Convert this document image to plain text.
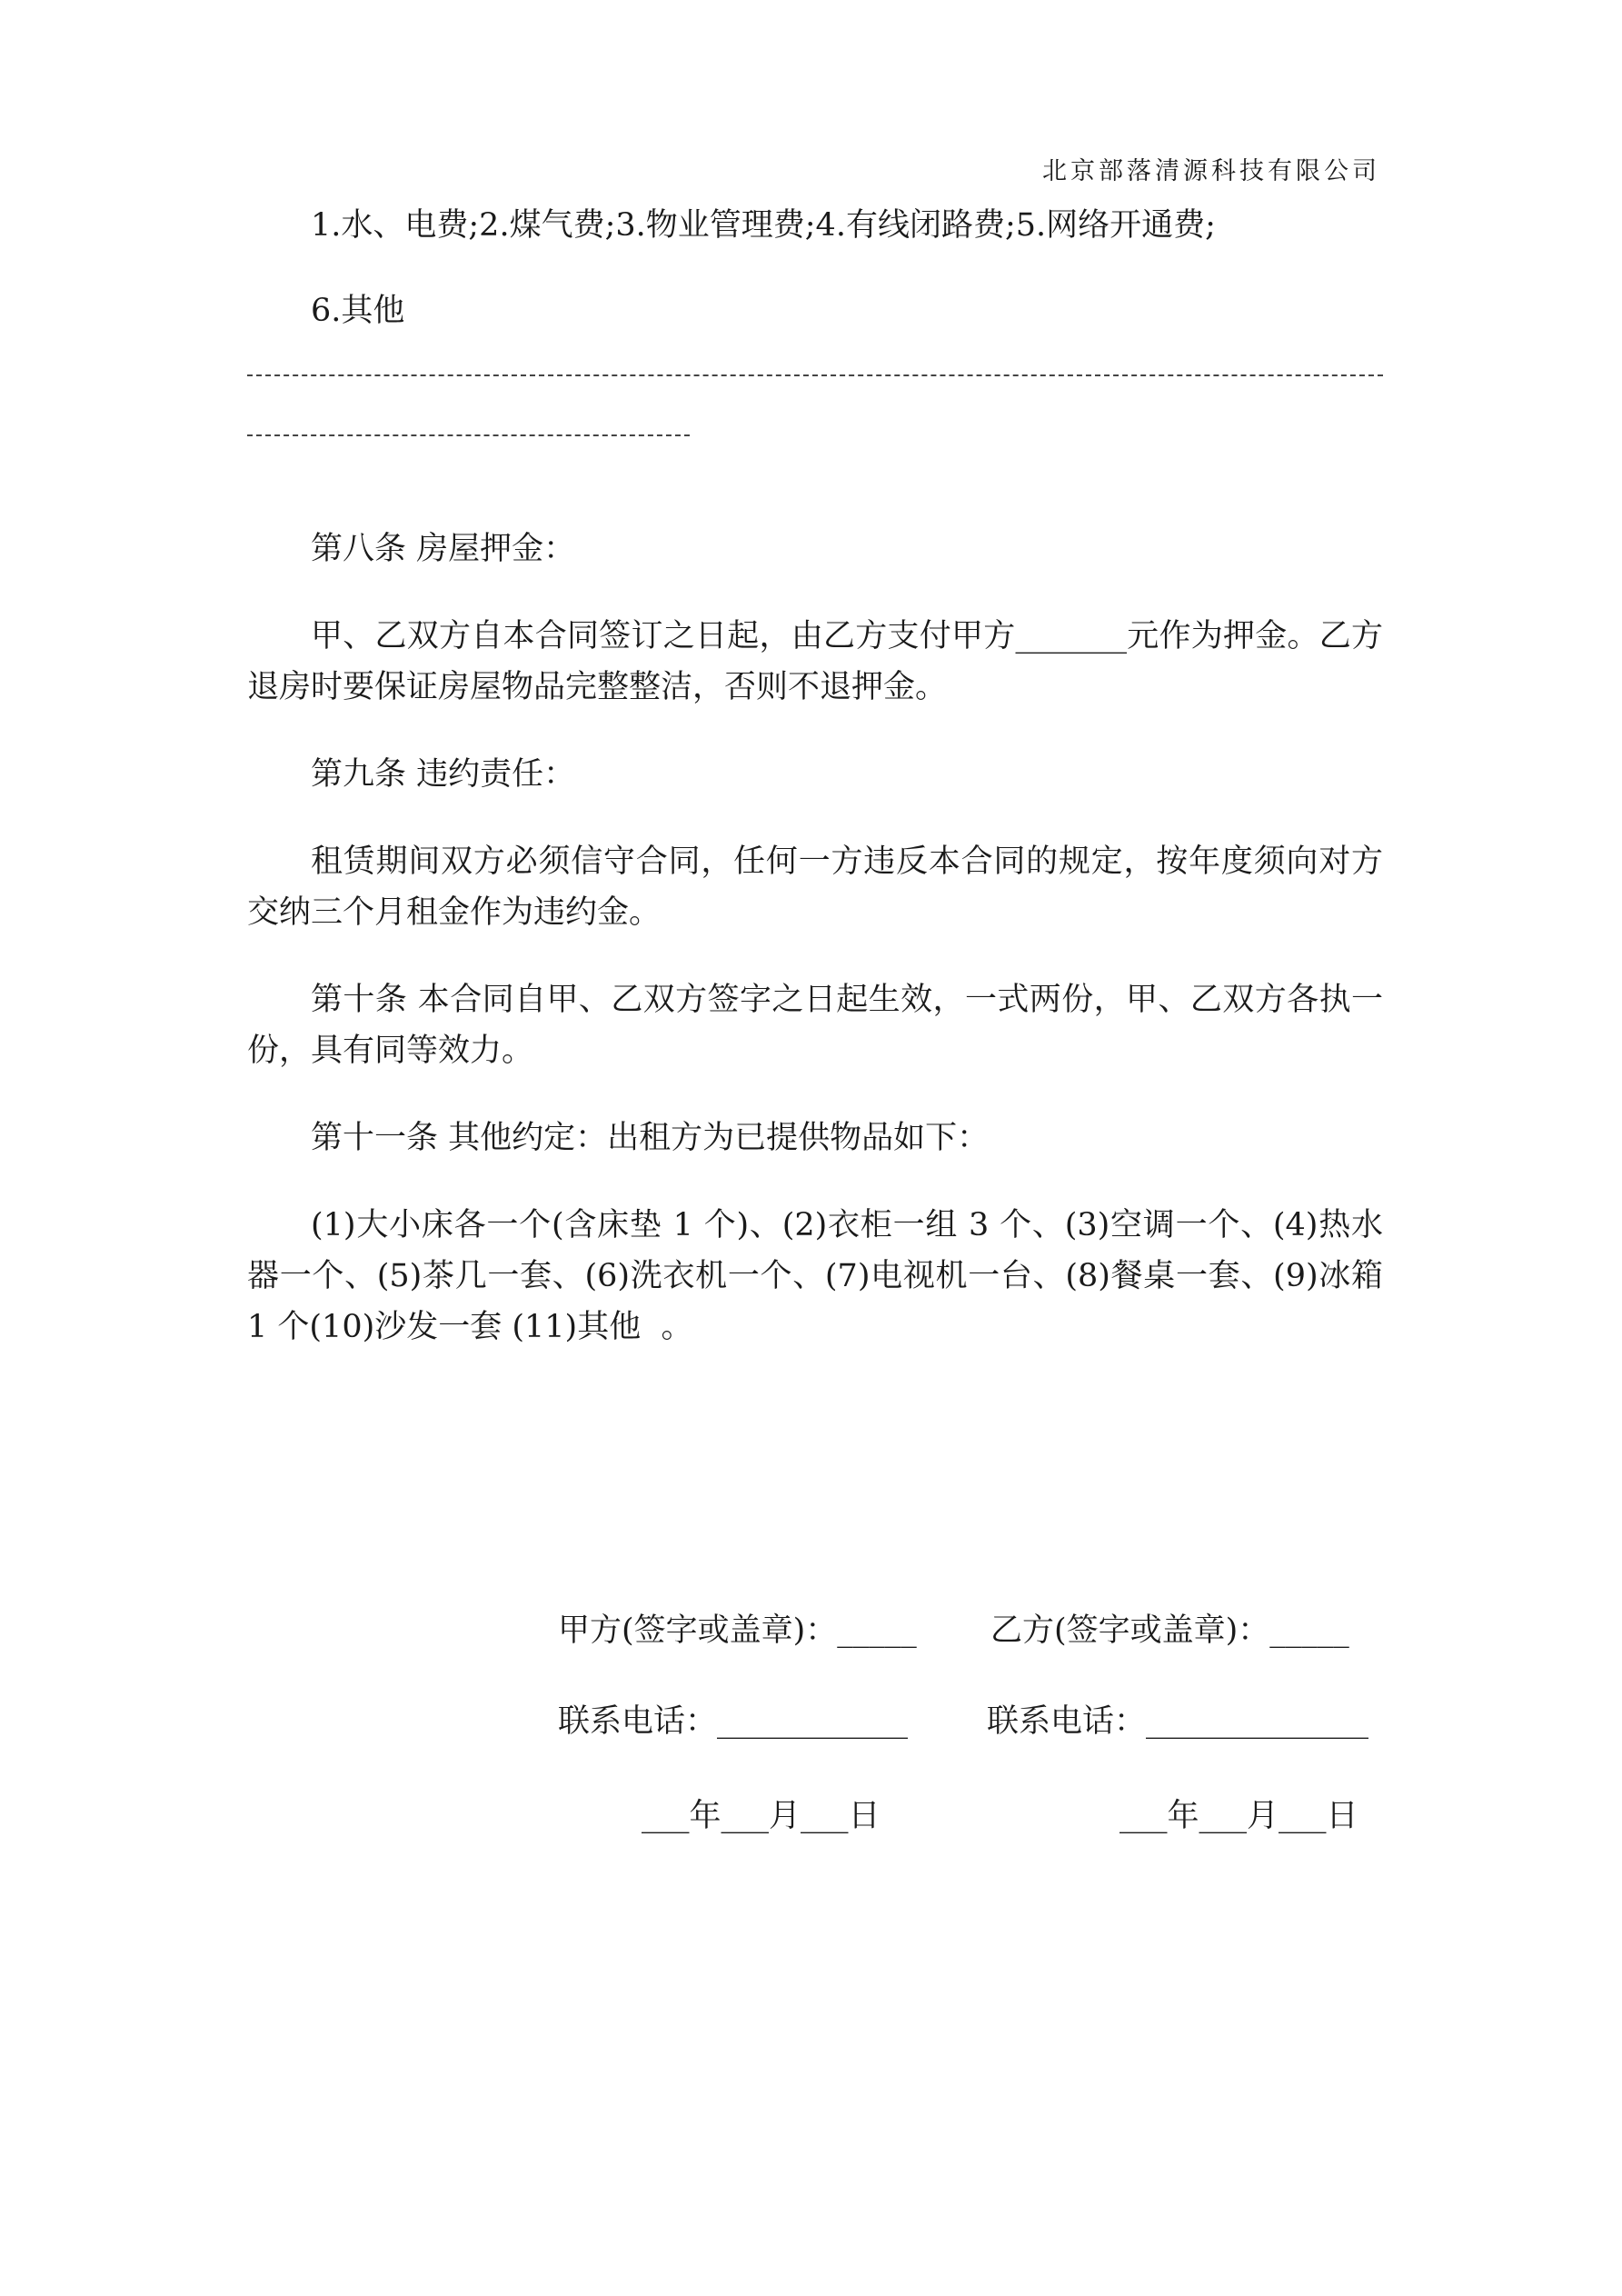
北京部落清源科技有限公司

1.水、电费;2.煤气费;3.物业管理费;4.有线闭路费;5.网络开通费;

6.其他

第八条 房屋押金：

甲、乙双方自本合同签订之日起，由乙方支付甲方_______元作为押金。乙方退房时要保证房屋物品完整整洁，否则不退押金。

第九条 违约责任：

租赁期间双方必须信守合同，任何一方违反本合同的规定，按年度须向对方交纳三个月租金作为违约金。

第十条 本合同自甲、乙双方签字之日起生效，一式两份，甲、乙双方各执一份，具有同等效力。

第十一条 其他约定：出租方为已提供物品如下：

(1)大小床各一个(含床垫 1 个)、(2)衣柜一组 3 个、(3)空调一个、(4)热水器一个、(5)茶几一套、(6)洗衣机一个、(7)电视机一台、(8)餐桌一套、(9)冰箱 1 个(10)沙发一套 (11)其他  。

甲方(签字或盖章)：_____ 乙方(签字或盖章)：_____
联系电话：____________ 联系电话：______________
___年___月___日	___年___月___日
